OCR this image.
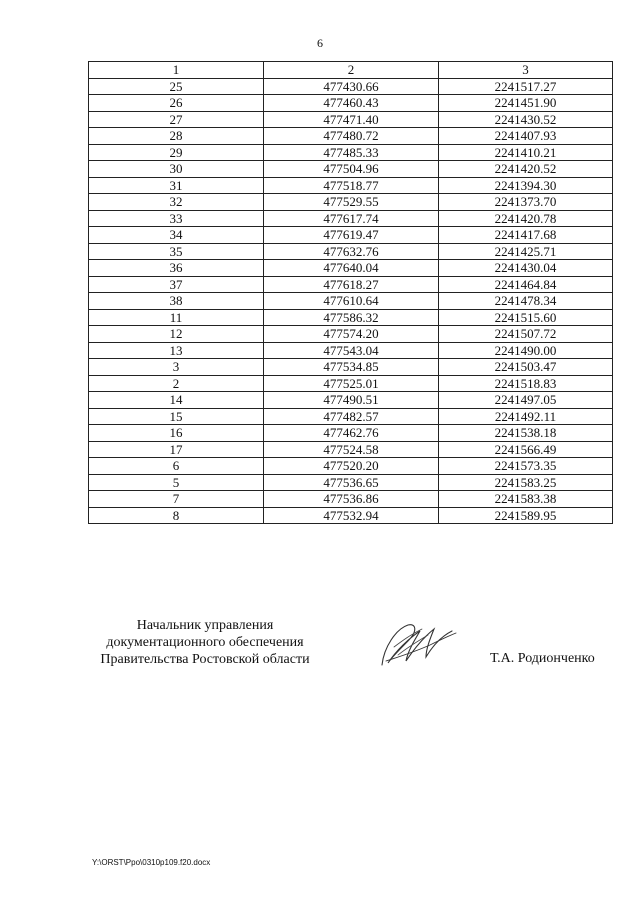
6
1	2	3
25	477430.66	2241517.27
26	477460.43	2241451.90
27	477471.40	2241430.52
28	477480.72	2241407.93
29	477485.33	2241410.21
30	477504.96	2241420.52
31	477518.77	2241394.30
32	477529.55	2241373.70
33	477617.74	2241420.78
34	477619.47	2241417.68
35	477632.76	2241425.71
36	477640.04	2241430.04
37	477618.27	2241464.84
38	477610.64	2241478.34
11	477586.32	2241515.60
12	477574.20	2241507.72
13	477543.04	2241490.00
3	477534.85	2241503.47
2	477525.01	2241518.83
14	477490.51	2241497.05
15	477482.57	2241492.11
16	477462.76	2241538.18
17	477524.58	2241566.49
6	477520.20	2241573.35
5	477536.65	2241583.25
7	477536.86	2241583.38
8	477532.94	2241589.95
Начальник управления
документационного обеспечения
Правительства Ростовской области	Т.А. Родионченко
Y:\ORST\Ppo\0310p109.f20.docx
